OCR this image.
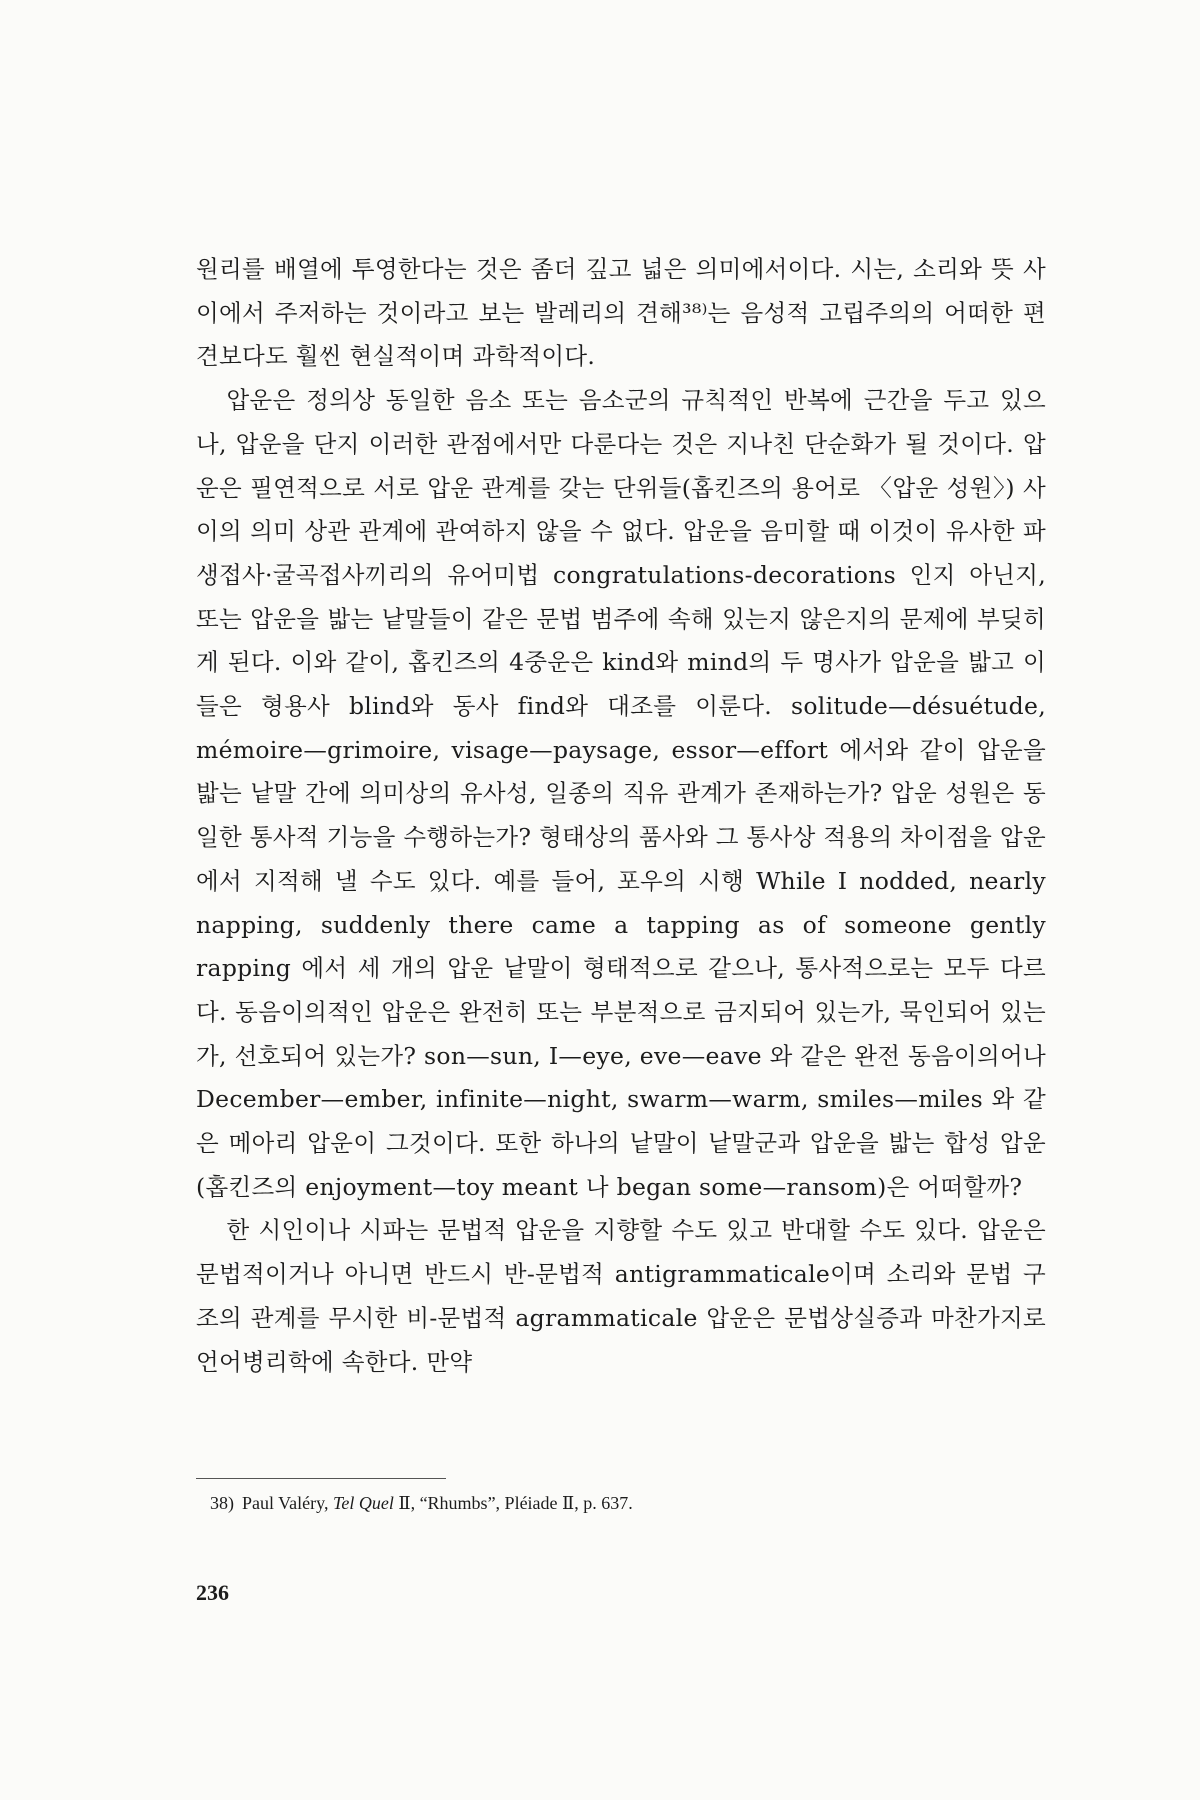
원리를 배열에 투영한다는 것은 좀더 깊고 넓은 의미에서이다. 시는, 소리와 뜻 사이에서 주저하는 것이라고 보는 발레리의 견해³⁸⁾는 음성적 고립주의의 어떠한 편견보다도 훨씬 현실적이며 과학적이다.

압운은 정의상 동일한 음소 또는 음소군의 규칙적인 반복에 근간을 두고 있으나, 압운을 단지 이러한 관점에서만 다룬다는 것은 지나친 단순화가 될 것이다. 압운은 필연적으로 서로 압운 관계를 갖는 단위들(홉킨즈의 용어로 〈압운 성원〉) 사이의 의미 상관 관계에 관여하지 않을 수 없다. 압운을 음미할 때 이것이 유사한 파생접사·굴곡접사끼리의 유어미법 congratulations-decorations 인지 아닌지, 또는 압운을 밟는 낱말들이 같은 문법 범주에 속해 있는지 않은지의 문제에 부딪히게 된다. 이와 같이, 홉킨즈의 4중운은 kind와 mind의 두 명사가 압운을 밟고 이들은 형용사 blind와 동사 find와 대조를 이룬다. solitude—désuétude, mémoire—grimoire, visage—paysage, essor—effort 에서와 같이 압운을 밟는 낱말 간에 의미상의 유사성, 일종의 직유 관계가 존재하는가? 압운 성원은 동일한 통사적 기능을 수행하는가? 형태상의 품사와 그 통사상 적용의 차이점을 압운에서 지적해 낼 수도 있다. 예를 들어, 포우의 시행 While I nodded, nearly napping, suddenly there came a tapping as of someone gently rapping 에서 세 개의 압운 낱말이 형태적으로 같으나, 통사적으로는 모두 다르다. 동음이의적인 압운은 완전히 또는 부분적으로 금지되어 있는가, 묵인되어 있는가, 선호되어 있는가? son—sun, I—eye, eve—eave 와 같은 완전 동음이의어나 December—ember, infinite—night, swarm—warm, smiles—miles 와 같은 메아리 압운이 그것이다. 또한 하나의 낱말이 낱말군과 압운을 밟는 합성 압운(홉킨즈의 enjoyment—toy meant 나 began some—ransom)은 어떠할까?

한 시인이나 시파는 문법적 압운을 지향할 수도 있고 반대할 수도 있다. 압운은 문법적이거나 아니면 반드시 반-문법적 antigrammaticale이며 소리와 문법 구조의 관계를 무시한 비-문법적 agrammaticale 압운은 문법상실증과 마찬가지로 언어병리학에 속한다. 만약

38) Paul Valéry, Tel Quel Ⅱ, “Rhumbs”, Pléiade Ⅱ, p. 637.
236
